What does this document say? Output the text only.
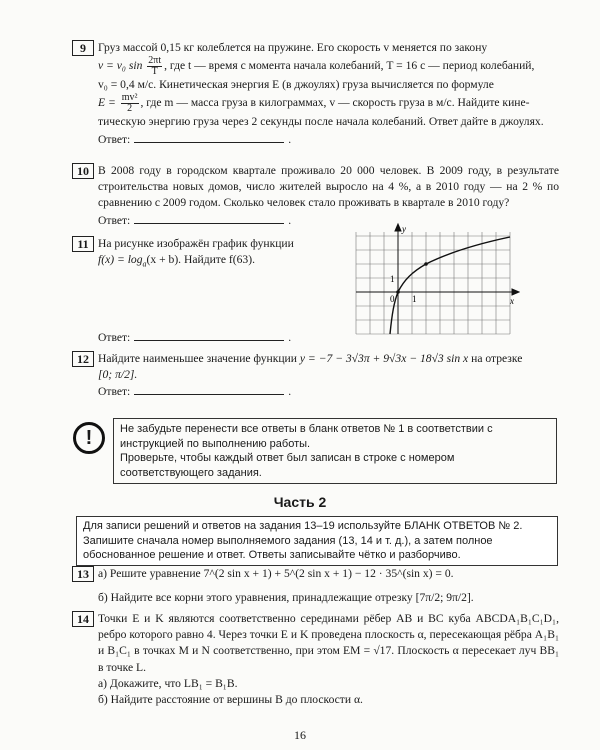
9	Груз массой 0,15 кг колеблется на пружине. Его скорость v меняется по закону
v = v₀ $\sin \frac{2\pi t}{T}$ , где t — время с момента начала колебаний, T = 16 с — период колебаний,
v₀ = 0,4 м/с. Кинетическая энергия E (в джоулях) груза вычисляется по формуле
$E = \frac{\text{mv²}}{2}$ , где m — масса груза в килограммах, v — скорость груза в м/с. Найдите кине-
тическую энергию груза через 2 секунды после начала колебаний. Ответ дайте в джоулях.
Ответ:	.
10 В 2008 году в городском квартале проживало 20 000 человек. В 2009 году, в результате строительства новых домов, число жителей выросло на 4 %, а в 2010 году — на 2 % по сравнению с 2009 годом. Сколько человек стало проживать в квартале в 2010 году?
Ответ:	.
11 На рисунке изображён график функции
$f(x) = \log_a(x + b)$. Найдите f(63).
Ответ:	.
y
x
1
1
0
12 Найдите наименьшее значение функции y = −7 − 3√3π + 9√3x − 18√3 sin x на отрезке
[0; π/2].
Ответ:	.
!	Не забудьте перенести все ответы в бланк ответов № 1 в соответствии с инструкцией по выполнению работы.
Проверьте, чтобы каждый ответ был записан в строке с номером соответствующего задания.
Часть 2
Для записи решений и ответов на задания 13–19 используйте БЛАНК ОТВЕТОВ № 2. Запишите сначала номер выполняемого задания (13, 14 и т. д.), а затем полное обоснованное решение и ответ. Ответы записывайте чётко и разборчиво.
13 а) Решите уравнение 7^(2 sin x + 1) + 5^(2 sin x + 1) − 12 · 35^(sin x) = 0.
б) Найдите все корни этого уравнения, принадлежащие отрезку [7π/2; 9π/2].
14 Точки E и K являются соответственно серединами рёбер AB и BC куба ABCDA₁B₁C₁D₁, ребро которого равно 4. Через точки E и K проведена плоскость α, пересекающая рёбра A₁B₁ и B₁C₁ в точках M и N соответственно, при этом EM = √17. Плоскость α пересекает луч BB₁ в точке L.
а) Докажите, что LB₁ = B₁B.
б) Найдите расстояние от вершины B до плоскости α.
16
